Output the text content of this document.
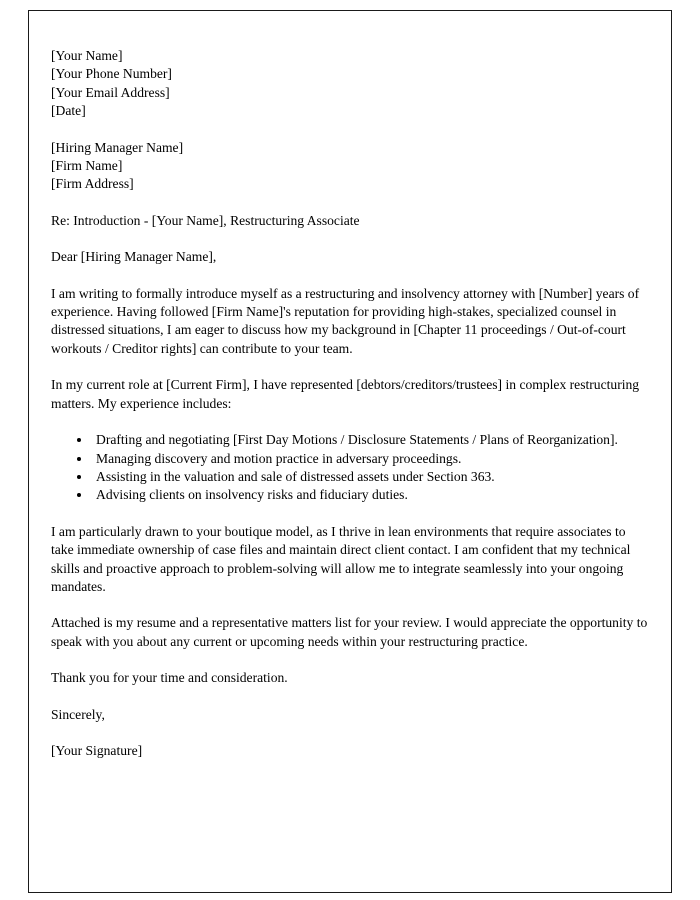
[Your Name]
[Your Phone Number]
[Your Email Address]
[Date]
[Hiring Manager Name]
[Firm Name]
[Firm Address]
Re: Introduction - [Your Name], Restructuring Associate
Dear [Hiring Manager Name],
I am writing to formally introduce myself as a restructuring and insolvency attorney with [Number] years of experience. Having followed [Firm Name]'s reputation for providing high-stakes, specialized counsel in distressed situations, I am eager to discuss how my background in [Chapter 11 proceedings / Out-of-court workouts / Creditor rights] can contribute to your team.
In my current role at [Current Firm], I have represented [debtors/creditors/trustees] in complex restructuring matters. My experience includes:
• Drafting and negotiating [First Day Motions / Disclosure Statements / Plans of Reorganization].
• Managing discovery and motion practice in adversary proceedings.
• Assisting in the valuation and sale of distressed assets under Section 363.
• Advising clients on insolvency risks and fiduciary duties.
I am particularly drawn to your boutique model, as I thrive in lean environments that require associates to take immediate ownership of case files and maintain direct client contact. I am confident that my technical skills and proactive approach to problem-solving will allow me to integrate seamlessly into your ongoing mandates.
Attached is my resume and a representative matters list for your review. I would appreciate the opportunity to speak with you about any current or upcoming needs within your restructuring practice.
Thank you for your time and consideration.
Sincerely,
[Your Signature]
